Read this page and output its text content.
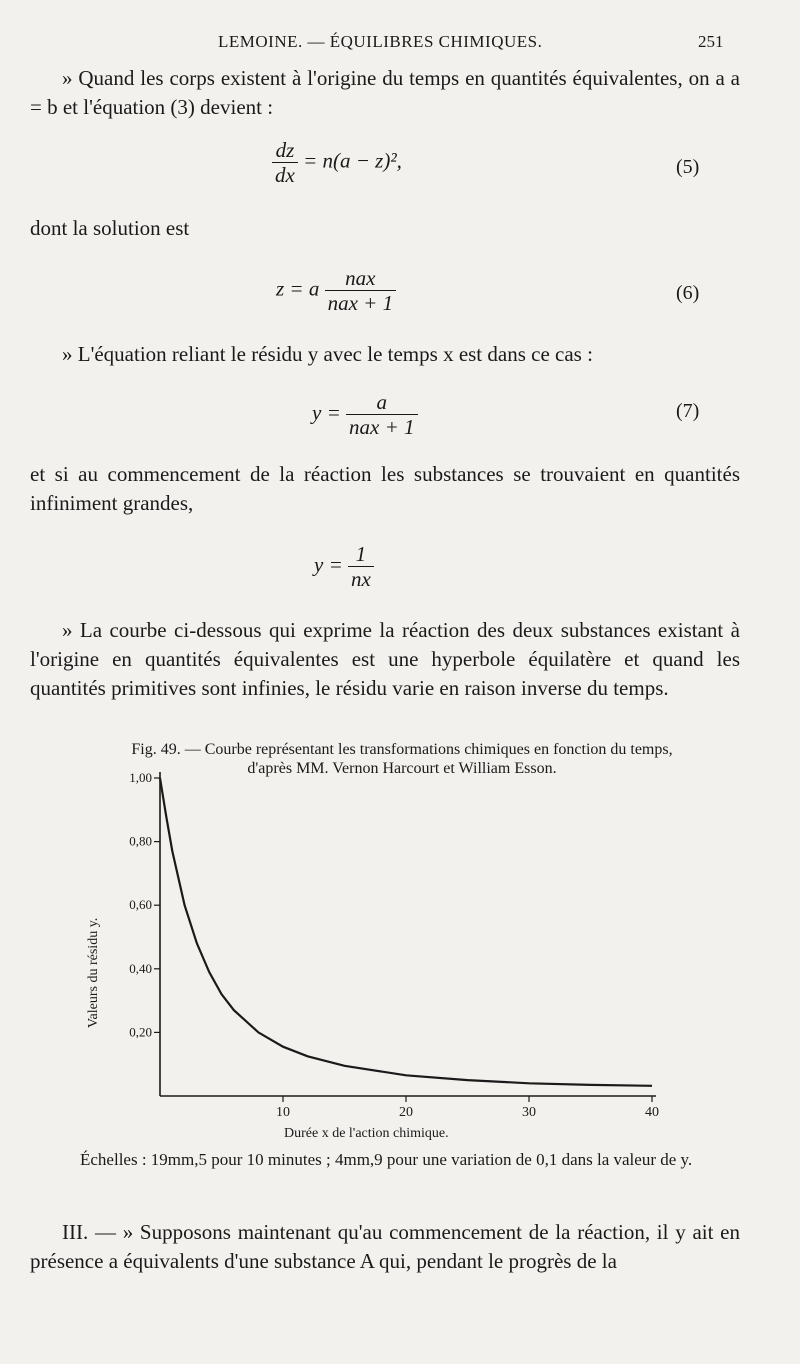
LEMOINE. — ÉQUILIBRES CHIMIQUES.	251

» Quand les corps existent à l'origine du temps en quantités équivalentes, on a a = b et l'équation (3) devient :

$\frac{dz}{dx} = n(a - z)^2$,	(5)

dont la solution est

z = a $\frac{\text{nax}}{\text{nax + 1}}$	(6)

» L'équation reliant le résidu y avec le temps x est dans ce cas :

$y = \frac{a}{\text{nax + 1}}$	(7)

et si au commencement de la réaction les substances se trouvaient en quantités infiniment grandes,

$y = \frac{1}{nx}$

» La courbe ci-dessous qui exprime la réaction des deux substances existant à l'origine en quantités équivalentes est une hyperbole équilatère et quand les quantités primitives sont infinies, le résidu varie en raison inverse du temps.

Fig. 49. — Courbe représentant les transformations chimiques en fonction du temps,
d'après MM. Vernon Harcourt et William Esson.
1,00
0,80
0,60
0,40
0,20
10	20	30	40
Valeurs du résidu y.
Durée x de l'action chimique.
Échelles : 19mm,5 pour 10 minutes ; 4mm,9 pour une variation de 0,1 dans la valeur de y.

III. — » Supposons maintenant qu'au commencement de la réaction, il y ait en présence a équivalents d'une substance A qui, pendant le progrès de la
